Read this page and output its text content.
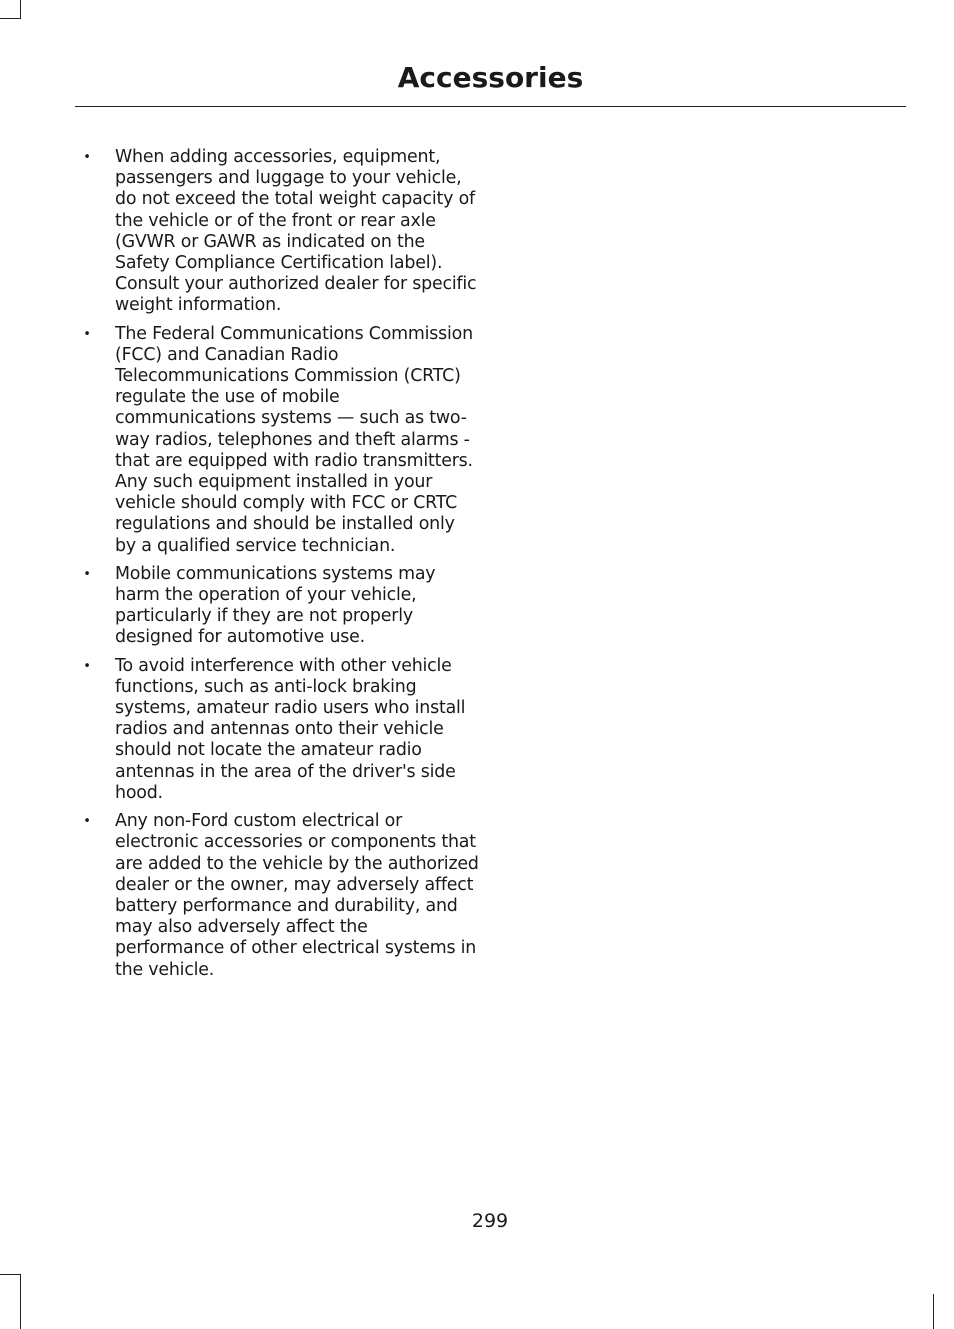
Accessories
• When adding accessories, equipment, passengers and luggage to your vehicle, do not exceed the total weight capacity of the vehicle or of the front or rear axle (GVWR or GAWR as indicated on the Safety Compliance Certification label). Consult your authorized dealer for specific weight information.
• The Federal Communications Commission (FCC) and Canadian Radio Telecommunications Commission (CRTC) regulate the use of mobile communications systems — such as two-way radios, telephones and theft alarms - that are equipped with radio transmitters. Any such equipment installed in your vehicle should comply with FCC or CRTC regulations and should be installed only by a qualified service technician.
• Mobile communications systems may harm the operation of your vehicle, particularly if they are not properly designed for automotive use.
• To avoid interference with other vehicle functions, such as anti-lock braking systems, amateur radio users who install radios and antennas onto their vehicle should not locate the amateur radio antennas in the area of the driver's side hood.
• Any non-Ford custom electrical or electronic accessories or components that are added to the vehicle by the authorized dealer or the owner, may adversely affect battery performance and durability, and may also adversely affect the performance of other electrical systems in the vehicle.
299
